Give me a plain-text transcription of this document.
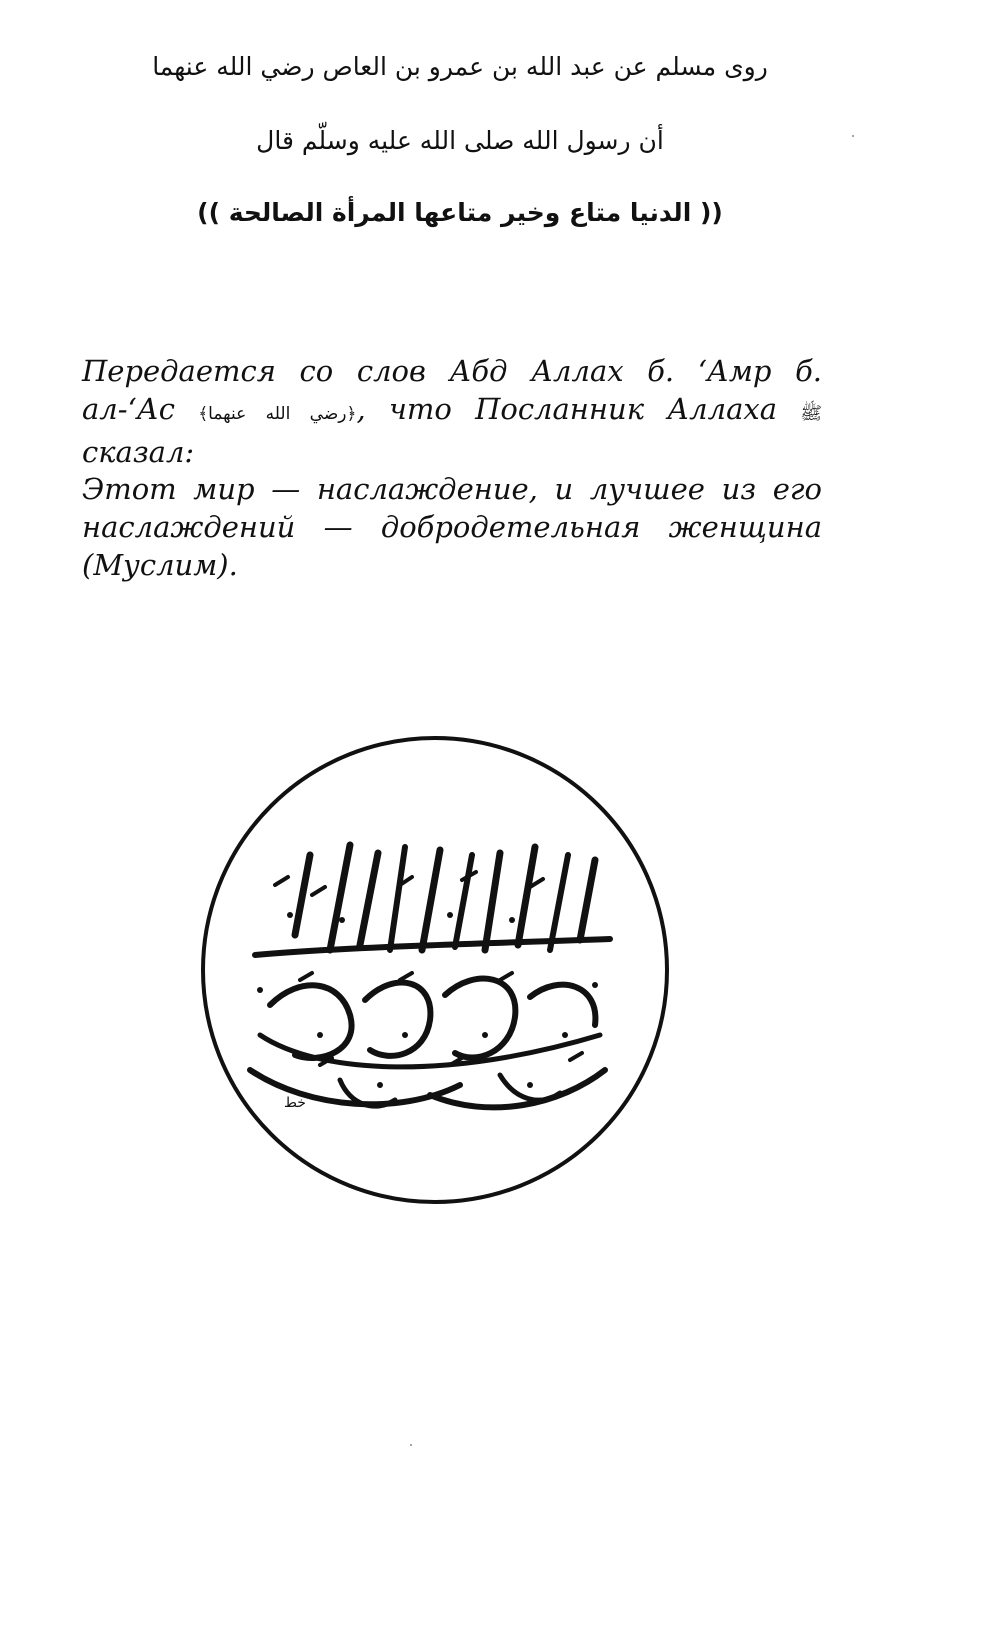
روى مسلم عن عبد الله بن عمرو بن العاص رضي الله عنهما
أن رسول الله صلى الله عليه وسلّم قال
(( الدنيا متاع وخير متاعها المرأة الصالحة ))

Передается со слов Абд Аллах б. ‘Амр б. ал-‘Ас ﴿رضي الله عنهما﴾, что Посланник Аллаха ﷺ сказал:

Этот мир — наслаждение, и лучшее из его наслаждений — добродетельная женщина (Муслим).

خط
